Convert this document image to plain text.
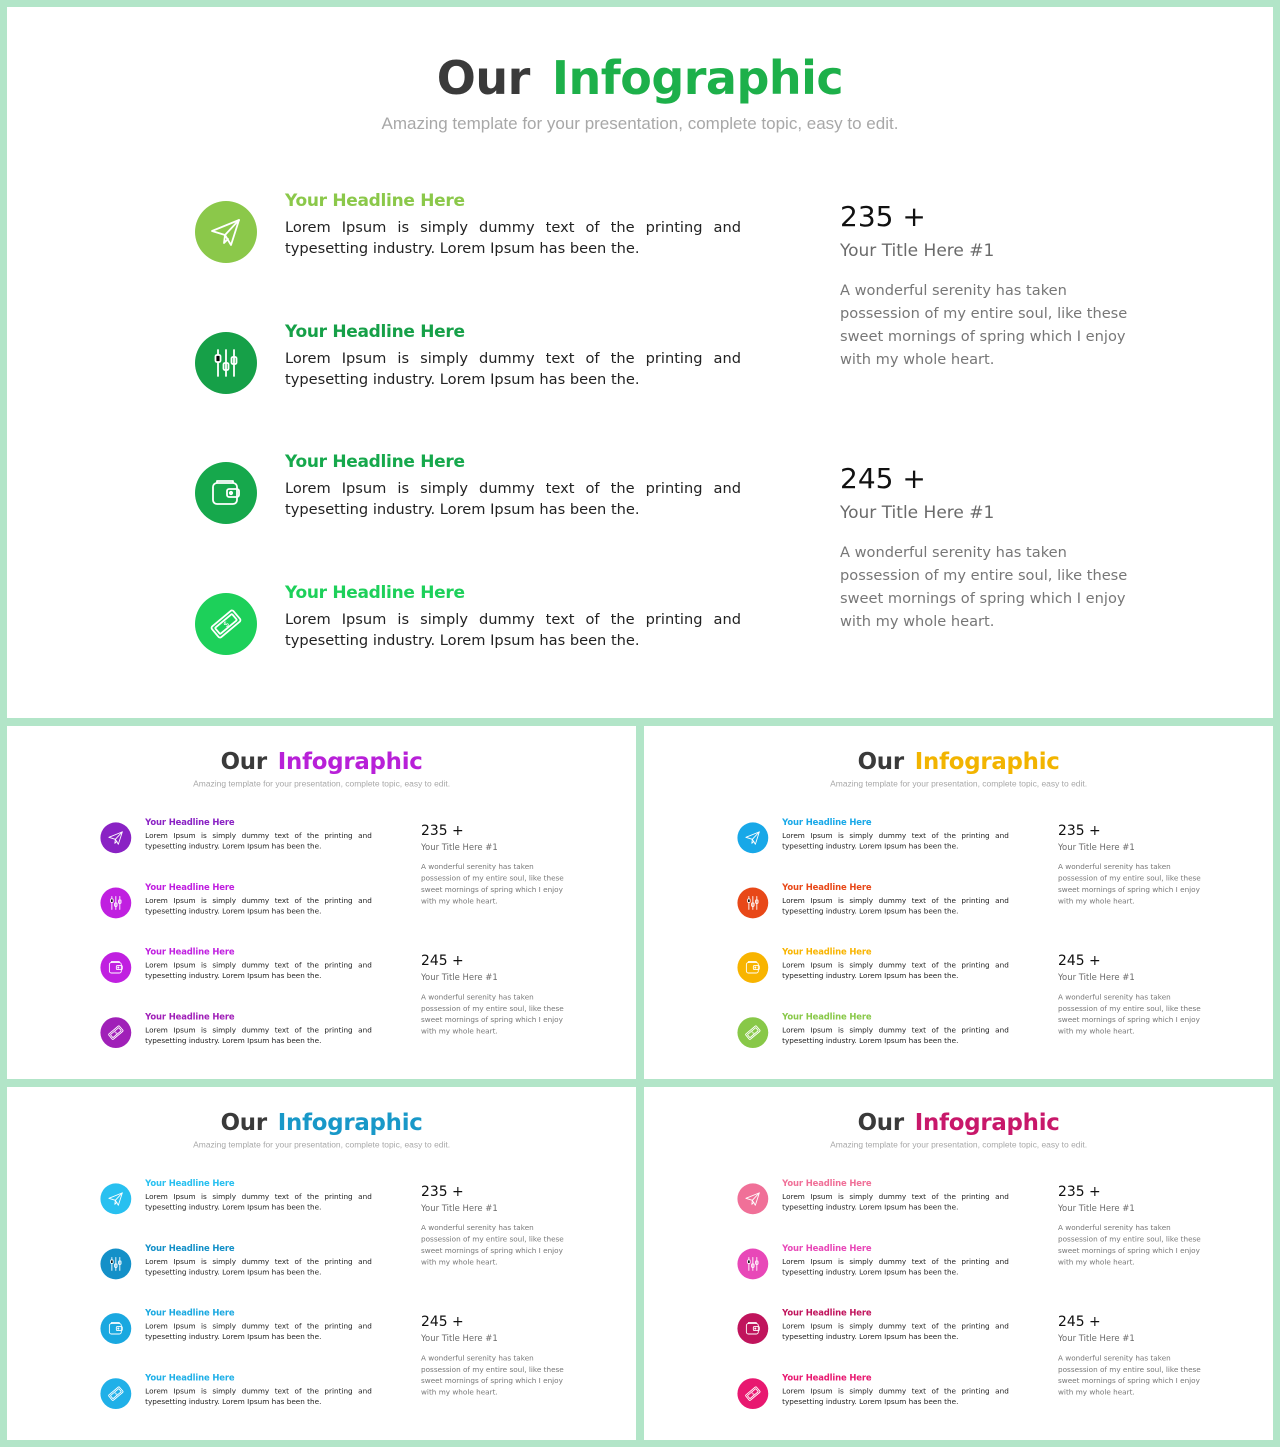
Our Infographic
Amazing template for your presentation, complete topic, easy to edit.
Your Headline Here
Lorem Ipsum is simply dummy text of the printing and typesetting industry. Lorem Ipsum has been the.
Your Headline Here
Lorem Ipsum is simply dummy text of the printing and typesetting industry. Lorem Ipsum has been the.
Your Headline Here
Lorem Ipsum is simply dummy text of the printing and typesetting industry. Lorem Ipsum has been the.
$
Your Headline Here
Lorem Ipsum is simply dummy text of the printing and typesetting industry. Lorem Ipsum has been the.
235 +
Your Title Here #1
A wonderful serenity has taken possession of my entire soul, like these sweet mornings of spring which I enjoy with my whole heart.
245 +
Your Title Here #1
A wonderful serenity has taken possession of my entire soul, like these sweet mornings of spring which I enjoy with my whole heart.
Our Infographic
Amazing template for your presentation, complete topic, easy to edit.
Your Headline Here
Lorem Ipsum is simply dummy text of the printing and typesetting industry. Lorem Ipsum has been the.
Your Headline Here
Lorem Ipsum is simply dummy text of the printing and typesetting industry. Lorem Ipsum has been the.
Your Headline Here
Lorem Ipsum is simply dummy text of the printing and typesetting industry. Lorem Ipsum has been the.
$
Your Headline Here
Lorem Ipsum is simply dummy text of the printing and typesetting industry. Lorem Ipsum has been the.
235 +
Your Title Here #1
A wonderful serenity has taken possession of my entire soul, like these sweet mornings of spring which I enjoy with my whole heart.
245 +
Your Title Here #1
A wonderful serenity has taken possession of my entire soul, like these sweet mornings of spring which I enjoy with my whole heart.
Our Infographic
Amazing template for your presentation, complete topic, easy to edit.
Your Headline Here
Lorem Ipsum is simply dummy text of the printing and typesetting industry. Lorem Ipsum has been the.
Your Headline Here
Lorem Ipsum is simply dummy text of the printing and typesetting industry. Lorem Ipsum has been the.
Your Headline Here
Lorem Ipsum is simply dummy text of the printing and typesetting industry. Lorem Ipsum has been the.
$
Your Headline Here
Lorem Ipsum is simply dummy text of the printing and typesetting industry. Lorem Ipsum has been the.
235 +
Your Title Here #1
A wonderful serenity has taken possession of my entire soul, like these sweet mornings of spring which I enjoy with my whole heart.
245 +
Your Title Here #1
A wonderful serenity has taken possession of my entire soul, like these sweet mornings of spring which I enjoy with my whole heart.
Our Infographic
Amazing template for your presentation, complete topic, easy to edit.
Your Headline Here
Lorem Ipsum is simply dummy text of the printing and typesetting industry. Lorem Ipsum has been the.
Your Headline Here
Lorem Ipsum is simply dummy text of the printing and typesetting industry. Lorem Ipsum has been the.
Your Headline Here
Lorem Ipsum is simply dummy text of the printing and typesetting industry. Lorem Ipsum has been the.
$
Your Headline Here
Lorem Ipsum is simply dummy text of the printing and typesetting industry. Lorem Ipsum has been the.
235 +
Your Title Here #1
A wonderful serenity has taken possession of my entire soul, like these sweet mornings of spring which I enjoy with my whole heart.
245 +
Your Title Here #1
A wonderful serenity has taken possession of my entire soul, like these sweet mornings of spring which I enjoy with my whole heart.
Our Infographic
Amazing template for your presentation, complete topic, easy to edit.
Your Headline Here
Lorem Ipsum is simply dummy text of the printing and typesetting industry. Lorem Ipsum has been the.
Your Headline Here
Lorem Ipsum is simply dummy text of the printing and typesetting industry. Lorem Ipsum has been the.
Your Headline Here
Lorem Ipsum is simply dummy text of the printing and typesetting industry. Lorem Ipsum has been the.
$
Your Headline Here
Lorem Ipsum is simply dummy text of the printing and typesetting industry. Lorem Ipsum has been the.
235 +
Your Title Here #1
A wonderful serenity has taken possession of my entire soul, like these sweet mornings of spring which I enjoy with my whole heart.
245 +
Your Title Here #1
A wonderful serenity has taken possession of my entire soul, like these sweet mornings of spring which I enjoy with my whole heart.
